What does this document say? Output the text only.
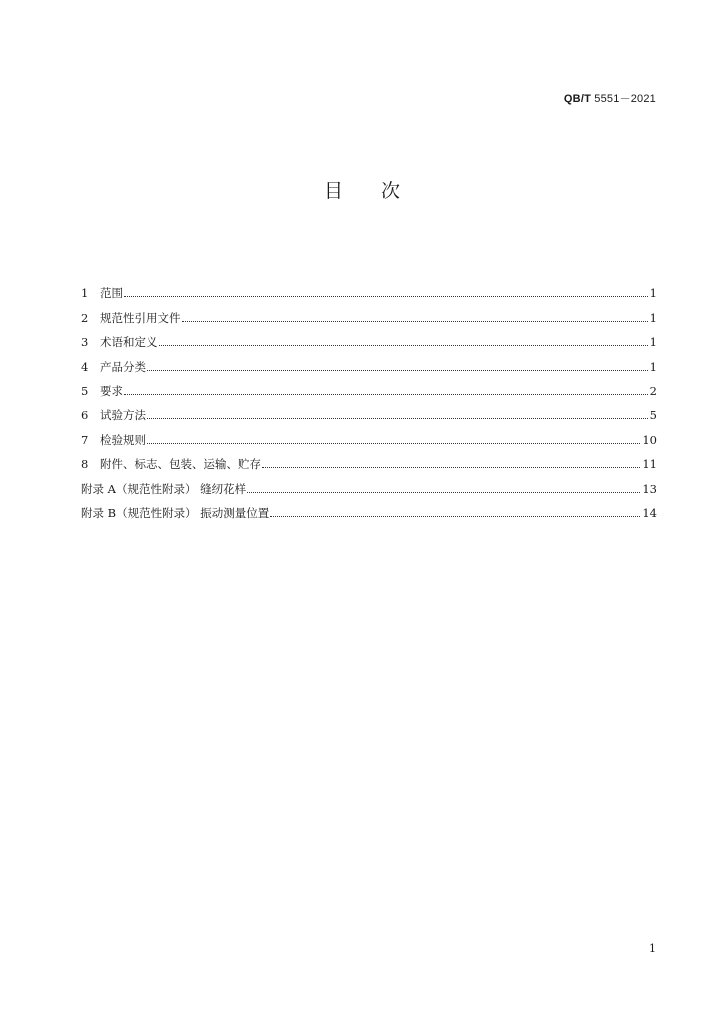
QB/T 5551－2021
目 次
1	范围	1
2	规范性引用文件	1
3	术语和定义	1
4	产品分类	1
5	要求	2
6	试验方法	5
7	检验规则	10
8	附件、标志、包装、运输、贮存	11
附录 A（规范性附录） 缝纫花样	13
附录 B（规范性附录） 振动测量位置	14
1
